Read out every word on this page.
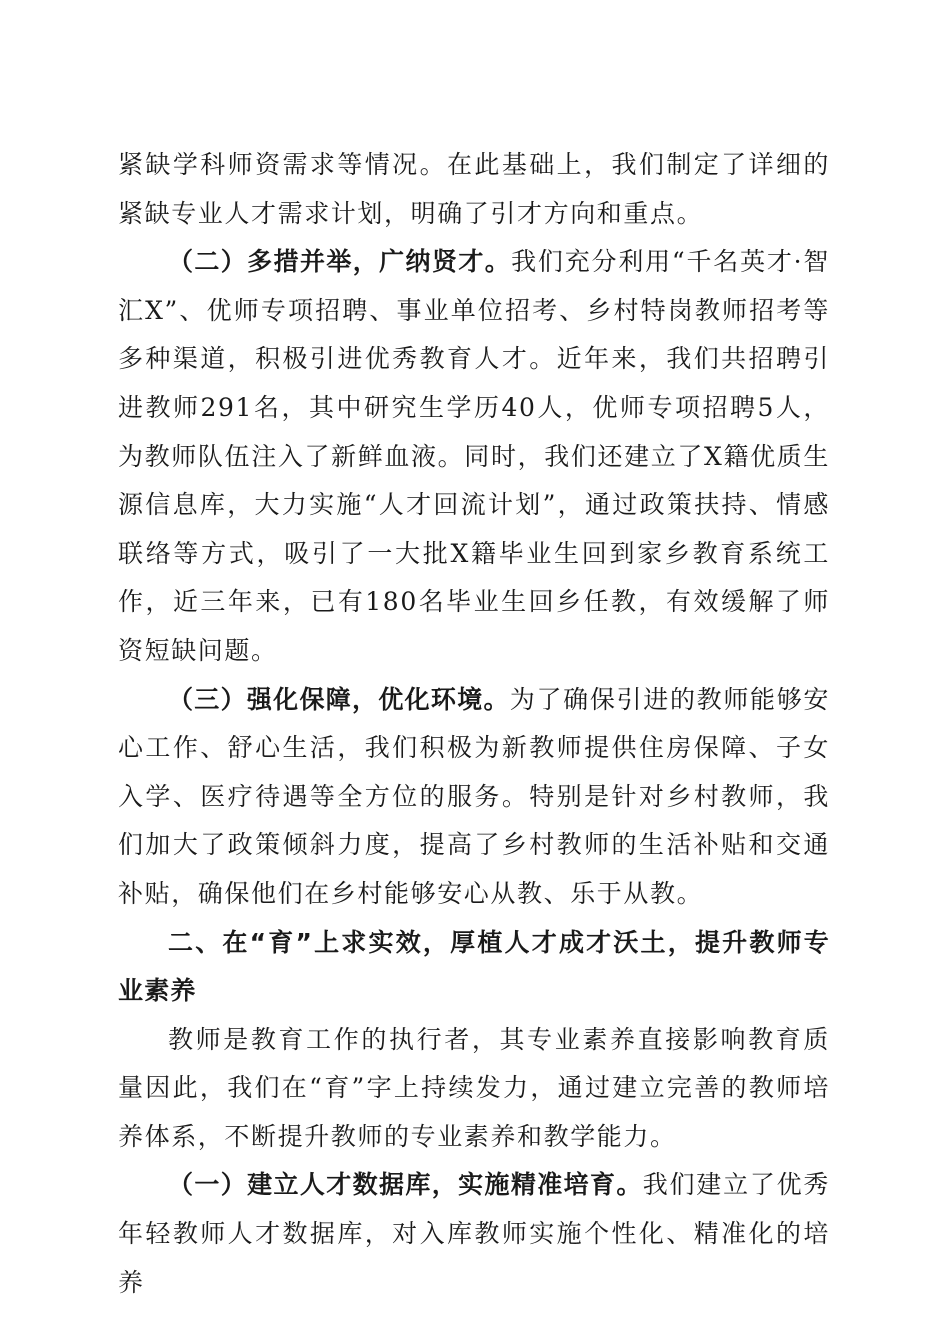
紧缺学科师资需求等情况。在此基础上，我们制定了详细的紧缺专业人才需求计划，明确了引才方向和重点。

（二）多措并举，广纳贤才。我们充分利用“千名英才·智汇X”、优师专项招聘、事业单位招考、乡村特岗教师招考等多种渠道，积极引进优秀教育人才。近年来，我们共招聘引进教师291名，其中研究生学历40人，优师专项招聘5人，为教师队伍注入了新鲜血液。同时，我们还建立了X籍优质生源信息库，大力实施“人才回流计划”，通过政策扶持、情感联络等方式，吸引了一大批X籍毕业生回到家乡教育系统工作，近三年来，已有180名毕业生回乡任教，有效缓解了师资短缺问题。

（三）强化保障，优化环境。为了确保引进的教师能够安心工作、舒心生活，我们积极为新教师提供住房保障、子女入学、医疗待遇等全方位的服务。特别是针对乡村教师，我们加大了政策倾斜力度，提高了乡村教师的生活补贴和交通补贴，确保他们在乡村能够安心从教、乐于从教。

二、在“育”上求实效，厚植人才成才沃土，提升教师专业素养

教师是教育工作的执行者，其专业素养直接影响教育质量因此，我们在“育”字上持续发力，通过建立完善的教师培养体系，不断提升教师的专业素养和教学能力。

（一）建立人才数据库，实施精准培育。我们建立了优秀年轻教师人才数据库，对入库教师实施个性化、精准化的培养
